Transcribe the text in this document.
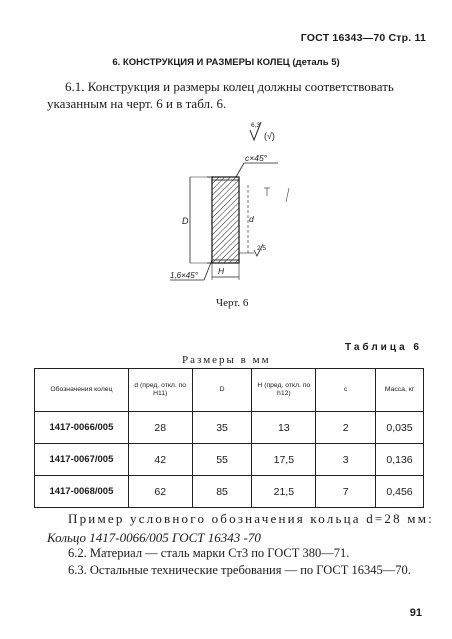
ГОСТ 16343—70 Стр. 11
6. КОНСТРУКЦИЯ И РАЗМЕРЫ КОЛЕЦ (деталь 5)
6.1. Конструкция и размеры колец должны соответствовать
указанным на черт. 6 и в табл. 6.
6,3
(√)
c×45°
D	d
2,5
H
1,6×45°
Черт. 6
Таблица 6
Размеры в мм
Обозначения колец	d (пред. откл. по H11)	D	H (пред. откл. по h12)	c	Масса, кг
1417-0066/005	28	35	13	2	0,035
1417-0067/005	42	55	17,5	3	0,136
1417-0068/005	62	85	21,5	7	0,456
Пример условного обозначения кольца d=28 мм:
Кольцо 1417-0066/005 ГОСТ 16343 -70
6.2. Материал — сталь марки Ст3 по ГОСТ 380—71.
6.3. Остальные технические требования — по ГОСТ 16345—70.
91
